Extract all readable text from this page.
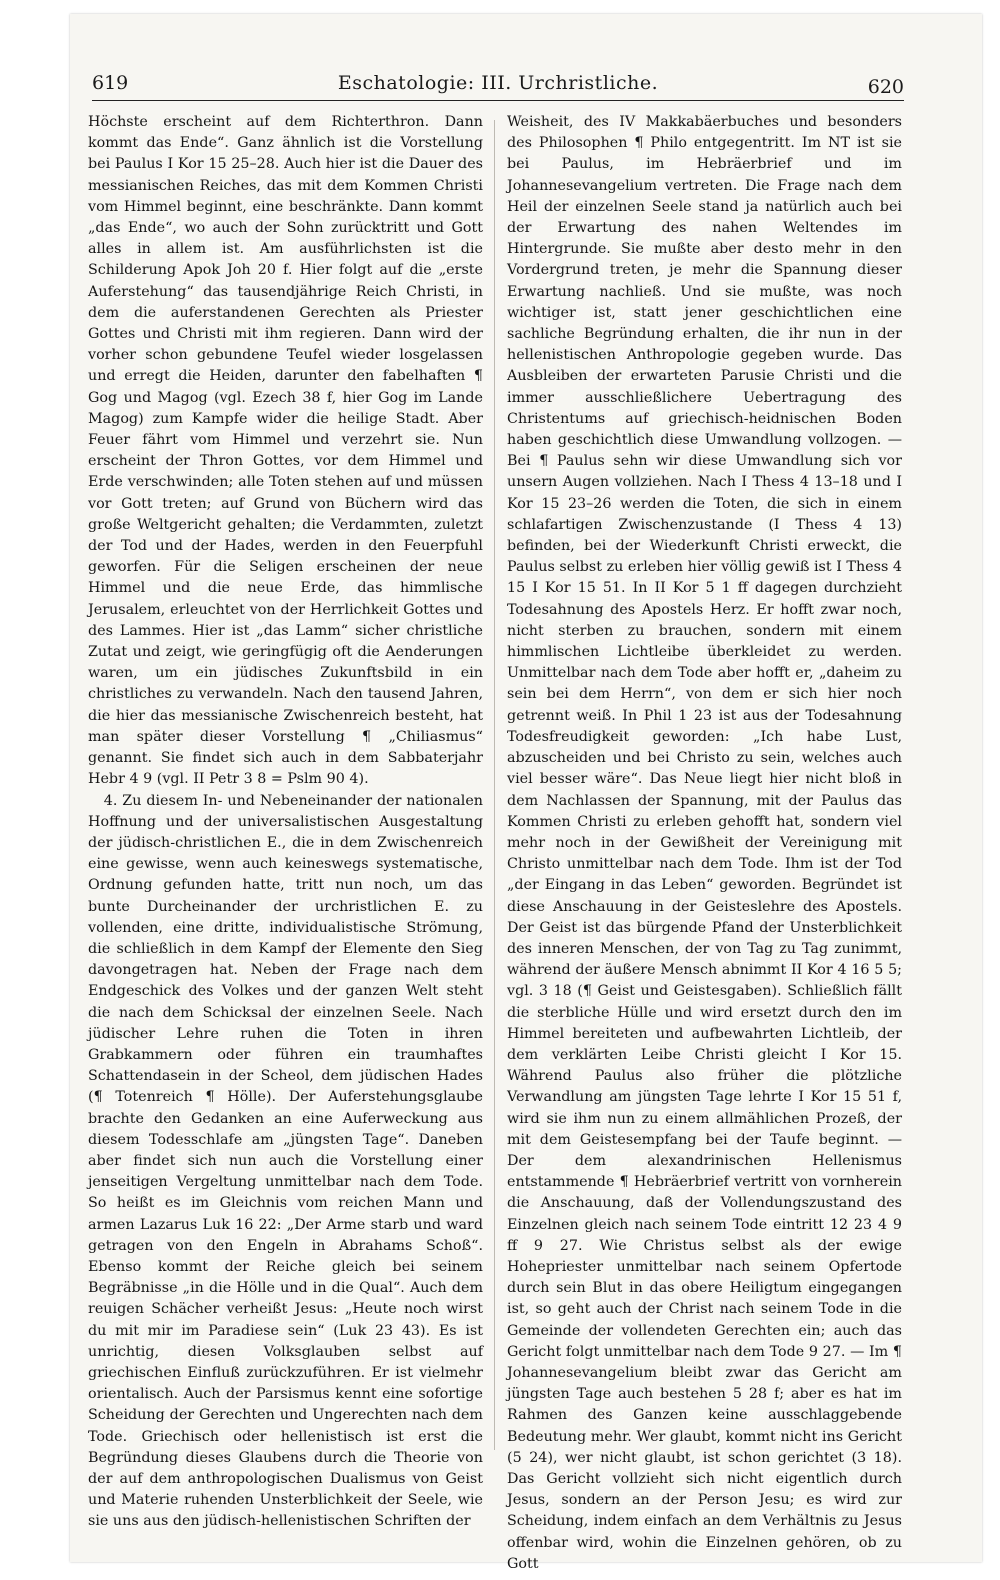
619	Eschatologie: III. Urchristliche.	620

Höchste erscheint auf dem Richterthron. Dann kommt das Ende“. Ganz ähnlich ist die Vorstellung bei Paulus I Kor 15 25–28. Auch hier ist die Dauer des messianischen Reiches, das mit dem Kommen Christi vom Himmel beginnt, eine beschränkte. Dann kommt „das Ende“, wo auch der Sohn zurücktritt und Gott alles in allem ist. Am ausführlichsten ist die Schilderung Apok Joh 20 f. Hier folgt auf die „erste Auferstehung“ das tausendjährige Reich Christi, in dem die auferstandenen Gerechten als Priester Gottes und Christi mit ihm regieren. Dann wird der vorher schon gebundene Teufel wieder losgelassen und erregt die Heiden, darunter den fabelhaften ¶ Gog und Magog (vgl. Ezech 38 f, hier Gog im Lande Magog) zum Kampfe wider die heilige Stadt. Aber Feuer fährt vom Himmel und verzehrt sie. Nun erscheint der Thron Gottes, vor dem Himmel und Erde verschwinden; alle Toten stehen auf und müssen vor Gott treten; auf Grund von Büchern wird das große Weltgericht gehalten; die Verdammten, zuletzt der Tod und der Hades, werden in den Feuerpfuhl geworfen. Für die Seligen erscheinen der neue Himmel und die neue Erde, das himmlische Jerusalem, erleuchtet von der Herrlichkeit Gottes und des Lammes. Hier ist „das Lamm“ sicher christliche Zutat und zeigt, wie geringfügig oft die Aenderungen waren, um ein jüdisches Zukunftsbild in ein christliches zu verwandeln. Nach den tausend Jahren, die hier das messianische Zwischenreich besteht, hat man später dieser Vorstellung ¶ „Chiliasmus“ genannt. Sie findet sich auch in dem Sabbaterjahr Hebr 4 9 (vgl. II Petr 3 8 = Pslm 90 4).

4. Zu diesem In- und Nebeneinander der nationalen Hoffnung und der universalistischen Ausgestaltung der jüdisch-christlichen E., die in dem Zwischenreich eine gewisse, wenn auch keineswegs systematische, Ordnung gefunden hatte, tritt nun noch, um das bunte Durcheinander der urchristlichen E. zu vollenden, eine dritte, individualistische Strömung, die schließlich in dem Kampf der Elemente den Sieg davongetragen hat. Neben der Frage nach dem Endgeschick des Volkes und der ganzen Welt steht die nach dem Schicksal der einzelnen Seele. Nach jüdischer Lehre ruhen die Toten in ihren Grabkammern oder führen ein traumhaftes Schattendasein in der Scheol, dem jüdischen Hades (¶ Totenreich ¶ Hölle). Der Auferstehungsglaube brachte den Gedanken an eine Auferweckung aus diesem Todesschlafe am „jüngsten Tage“. Daneben aber findet sich nun auch die Vorstellung einer jenseitigen Vergeltung unmittelbar nach dem Tode. So heißt es im Gleichnis vom reichen Mann und armen Lazarus Luk 16 22: „Der Arme starb und ward getragen von den Engeln in Abrahams Schoß“. Ebenso kommt der Reiche gleich bei seinem Begräbnisse „in die Hölle und in die Qual“. Auch dem reuigen Schächer verheißt Jesus: „Heute noch wirst du mit mir im Paradiese sein“ (Luk 23 43). Es ist unrichtig, diesen Volksglauben selbst auf griechischen Einfluß zurückzuführen. Er ist vielmehr orientalisch. Auch der Parsismus kennt eine sofortige Scheidung der Gerechten und Ungerechten nach dem Tode. Griechisch oder hellenistisch ist erst die Begründung dieses Glaubens durch die Theorie von der auf dem anthropologischen Dualismus von Geist und Materie ruhenden Unsterblichkeit der Seele, wie sie uns aus den jüdisch-hellenistischen Schriften der

Weisheit, des IV Makkabäerbuches und besonders des Philosophen ¶ Philo entgegentritt. Im NT ist sie bei Paulus, im Hebräerbrief und im Johannesevangelium vertreten. Die Frage nach dem Heil der einzelnen Seele stand ja natürlich auch bei der Erwartung des nahen Weltendes im Hintergrunde. Sie mußte aber desto mehr in den Vordergrund treten, je mehr die Spannung dieser Erwartung nachließ. Und sie mußte, was noch wichtiger ist, statt jener geschichtlichen eine sachliche Begründung erhalten, die ihr nun in der hellenistischen Anthropologie gegeben wurde. Das Ausbleiben der erwarteten Parusie Christi und die immer ausschließlichere Uebertragung des Christentums auf griechisch-heidnischen Boden haben geschichtlich diese Umwandlung vollzogen. — Bei ¶ Paulus sehn wir diese Umwandlung sich vor unsern Augen vollziehen. Nach I Thess 4 13–18 und I Kor 15 23–26 werden die Toten, die sich in einem schlafartigen Zwischenzustande (I Thess 4 13) befinden, bei der Wiederkunft Christi erweckt, die Paulus selbst zu erleben hier völlig gewiß ist I Thess 4 15 I Kor 15 51. In II Kor 5 1 ff dagegen durchzieht Todesahnung des Apostels Herz. Er hofft zwar noch, nicht sterben zu brauchen, sondern mit einem himmlischen Lichtleibe überkleidet zu werden. Unmittelbar nach dem Tode aber hofft er, „daheim zu sein bei dem Herrn“, von dem er sich hier noch getrennt weiß. In Phil 1 23 ist aus der Todesahnung Todesfreudigkeit geworden: „Ich habe Lust, abzuscheiden und bei Christo zu sein, welches auch viel besser wäre“. Das Neue liegt hier nicht bloß in dem Nachlassen der Spannung, mit der Paulus das Kommen Christi zu erleben gehofft hat, sondern viel mehr noch in der Gewißheit der Vereinigung mit Christo unmittelbar nach dem Tode. Ihm ist der Tod „der Eingang in das Leben“ geworden. Begründet ist diese Anschauung in der Geisteslehre des Apostels. Der Geist ist das bürgende Pfand der Unsterblichkeit des inneren Menschen, der von Tag zu Tag zunimmt, während der äußere Mensch abnimmt II Kor 4 16 5 5; vgl. 3 18 (¶ Geist und Geistesgaben). Schließlich fällt die sterbliche Hülle und wird ersetzt durch den im Himmel bereiteten und aufbewahrten Lichtleib, der dem verklärten Leibe Christi gleicht I Kor 15. Während Paulus also früher die plötzliche Verwandlung am jüngsten Tage lehrte I Kor 15 51 f, wird sie ihm nun zu einem allmählichen Prozeß, der mit dem Geistesempfang bei der Taufe beginnt. — Der dem alexandrinischen Hellenismus entstammende ¶ Hebräerbrief vertritt von vornherein die Anschauung, daß der Vollendungszustand des Einzelnen gleich nach seinem Tode eintritt 12 23 4 9 ff 9 27. Wie Christus selbst als der ewige Hohepriester unmittelbar nach seinem Opfertode durch sein Blut in das obere Heiligtum eingegangen ist, so geht auch der Christ nach seinem Tode in die Gemeinde der vollendeten Gerechten ein; auch das Gericht folgt unmittelbar nach dem Tode 9 27. — Im ¶ Johannesevangelium bleibt zwar das Gericht am jüngsten Tage auch bestehen 5 28 f; aber es hat im Rahmen des Ganzen keine ausschlaggebende Bedeutung mehr. Wer glaubt, kommt nicht ins Gericht (5 24), wer nicht glaubt, ist schon gerichtet (3 18). Das Gericht vollzieht sich nicht eigentlich durch Jesus, sondern an der Person Jesu; es wird zur Scheidung, indem einfach an dem Verhältnis zu Jesus offenbar wird, wohin die Einzelnen gehören, ob zu Gott
